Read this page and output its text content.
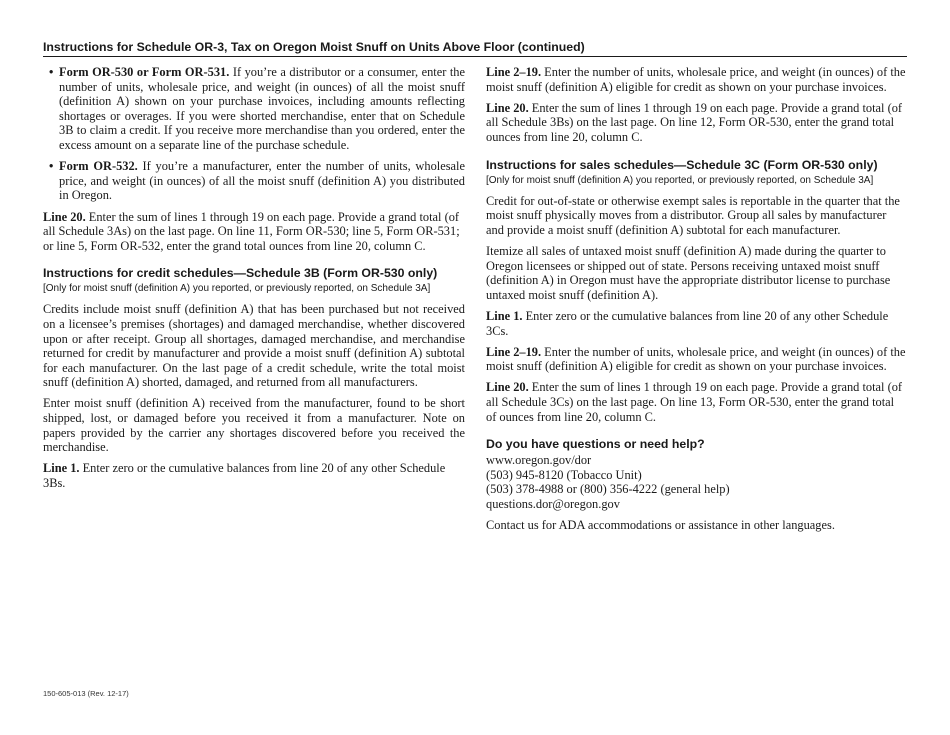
Instructions for Schedule OR-3, Tax on Oregon Moist Snuff on Units Above Floor (continued)
• Form OR-530 or Form OR-531. If you’re a distributor or a consumer, enter the number of units, wholesale price, and weight (in ounces) of all the moist snuff (definition A) shown on your purchase invoices, including amounts reflecting shortages or overages. If you were shorted merchandise, enter that on Schedule 3B to claim a credit. If you receive more merchandise than you ordered, enter the excess amount on a separate line of the purchase schedule.
• Form OR-532. If you’re a manufacturer, enter the number of units, wholesale price, and weight (in ounces) of all the moist snuff (definition A) you distributed in Oregon.

Line 20. Enter the sum of lines 1 through 19 on each page. Provide a grand total (of all Schedule 3As) on the last page. On line 11, Form OR-530; line 5, Form OR-531; or line 5, Form OR-532, enter the grand total ounces from line 20, column C.

Instructions for credit schedules—Schedule 3B (Form OR-530 only)
[Only for moist snuff (definition A) you reported, or previously reported, on Schedule 3A]

Credits include moist snuff (definition A) that has been purchased but not received on a licensee’s premises (shortages) and damaged merchandise, whether discovered upon or after receipt. Group all shortages, damaged merchandise, and merchandise returned for credit by manufacturer and provide a moist snuff (definition A) subtotal for each manufacturer. On the last page of a credit schedule, write the total moist snuff (definition A) shorted, damaged, and returned from all manufacturers.

Enter moist snuff (definition A) received from the manufacturer, found to be short shipped, lost, or damaged before you received it from a manufacturer. Note on papers provided by the carrier any shortages discovered before you received the merchandise.

Line 1. Enter zero or the cumulative balances from line 20 of any other Schedule 3Bs.

Line 2–19. Enter the number of units, wholesale price, and weight (in ounces) of the moist snuff (definition A) eligible for credit as shown on your purchase invoices.

Line 20. Enter the sum of lines 1 through 19 on each page. Provide a grand total (of all Schedule 3Bs) on the last page. On line 12, Form OR-530, enter the grand total ounces from line 20, column C.

Instructions for sales schedules—Schedule 3C (Form OR-530 only)
[Only for moist snuff (definition A) you reported, or previously reported, on Schedule 3A]

Credit for out-of-state or otherwise exempt sales is reportable in the quarter that the moist snuff physically moves from a distributor. Group all sales by manufacturer and provide a moist snuff (definition A) subtotal for each manufacturer.

Itemize all sales of untaxed moist snuff (definition A) made during the quarter to Oregon licensees or shipped out of state. Persons receiving untaxed moist snuff (definition A) in Oregon must have the appropriate distributor license to purchase untaxed moist snuff (definition A).

Line 1. Enter zero or the cumulative balances from line 20 of any other Schedule 3Cs.

Line 2–19. Enter the number of units, wholesale price, and weight (in ounces) of the moist snuff (definition A) eligible for credit as shown on your purchase invoices.

Line 20. Enter the sum of lines 1 through 19 on each page. Provide a grand total (of all Schedule 3Cs) on the last page. On line 13, Form OR-530, enter the grand total of ounces from line 20, column C.

Do you have questions or need help?

www.oregon.gov/dor

(503) 945-8120 (Tobacco Unit)

(503) 378-4988 or (800) 356-4222 (general help)

questions.dor@oregon.gov

Contact us for ADA accommodations or assistance in other languages.

150-605-013 (Rev. 12-17)
